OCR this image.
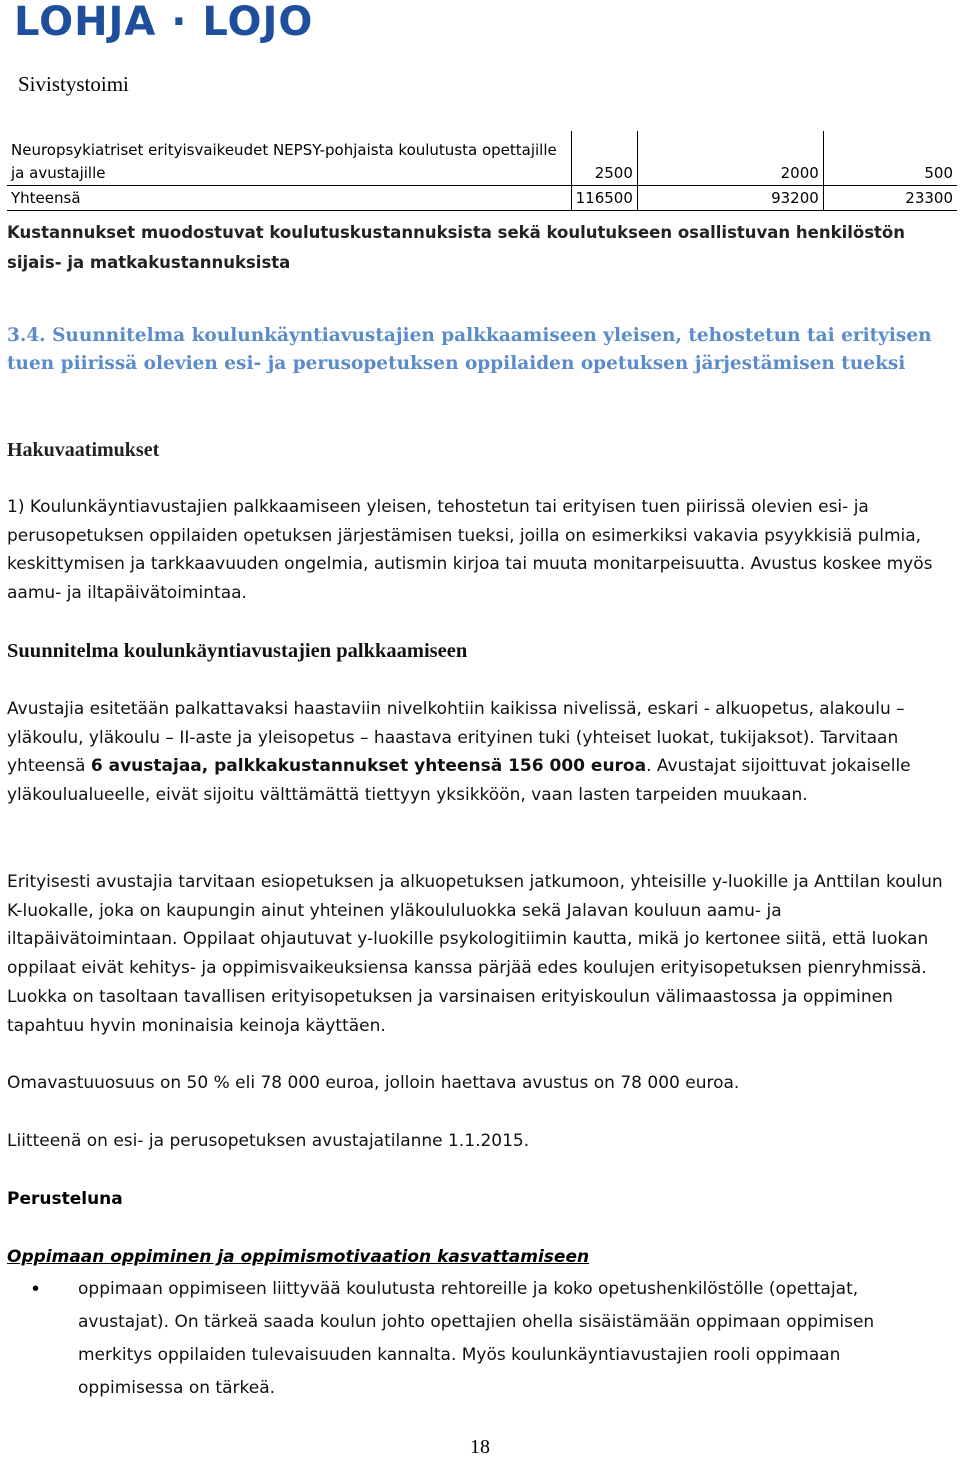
LOHJA · LOJO
Sivistystoimi
Neuropsykiatriset erityisvaikeudet NEPSY-pohjaista koulutusta opettajille ja avustajille	2500	2000	500
Yhteensä	116500	93200	23300
Kustannukset muodostuvat koulutuskustannuksista sekä koulutukseen osallistuvan henkilöstön sijais- ja matkakustannuksista
3.4. Suunnitelma koulunkäyntiavustajien palkkaamiseen yleisen, tehostetun tai erityisen tuen piirissä olevien esi- ja perusopetuksen oppilaiden opetuksen järjestämisen tueksi
Hakuvaatimukset
1) Koulunkäyntiavustajien palkkaamiseen yleisen, tehostetun tai erityisen tuen piirissä olevien esi- ja perusopetuksen oppilaiden opetuksen järjestämisen tueksi, joilla on esimerkiksi vakavia psyykkisiä pulmia, keskittymisen ja tarkkaavuuden ongelmia, autismin kirjoa tai muuta monitarpeisuutta. Avustus koskee myös aamu- ja iltapäivätoimintaa.
Suunnitelma koulunkäyntiavustajien palkkaamiseen
Avustajia esitetään palkattavaksi haastaviin nivelkohtiin kaikissa nivelissä, eskari - alkuopetus, alakoulu – yläkoulu, yläkoulu – II-aste ja yleisopetus – haastava erityinen tuki (yhteiset luokat, tukijaksot). Tarvitaan yhteensä 6 avustajaa, palkkakustannukset yhteensä 156 000 euroa. Avustajat sijoittuvat jokaiselle yläkoulualueelle, eivät sijoitu välttämättä tiettyyn yksikköön, vaan lasten tarpeiden muukaan.
Erityisesti avustajia tarvitaan esiopetuksen ja alkuopetuksen jatkumoon, yhteisille y-luokille ja Anttilan koulun K-luokalle, joka on kaupungin ainut yhteinen yläkoululuokka sekä Jalavan kouluun aamu- ja iltapäivätoimintaan. Oppilaat ohjautuvat y-luokille psykologitiimin kautta, mikä jo kertonee siitä, että luokan oppilaat eivät kehitys- ja oppimisvaikeuksiensa kanssa pärjää edes koulujen erityisopetuksen pienryhmissä. Luokka on tasoltaan tavallisen erityisopetuksen ja varsinaisen erityiskoulun välimaastossa ja oppiminen tapahtuu hyvin moninaisia keinoja käyttäen.
Omavastuuosuus on 50 % eli 78 000 euroa, jolloin haettava avustus on 78 000 euroa.
Liitteenä on esi- ja perusopetuksen avustajatilanne 1.1.2015.
Perusteluna
Oppimaan oppiminen ja oppimismotivaation kasvattamiseen
• oppimaan oppimiseen liittyvää koulutusta rehtoreille ja koko opetushenkilöstölle (opettajat, avustajat). On tärkeä saada koulun johto opettajien ohella sisäistämään oppimaan oppimisen merkitys oppilaiden tulevaisuuden kannalta. Myös koulunkäyntiavustajien rooli oppimaan oppimisessa on tärkeä.
18
